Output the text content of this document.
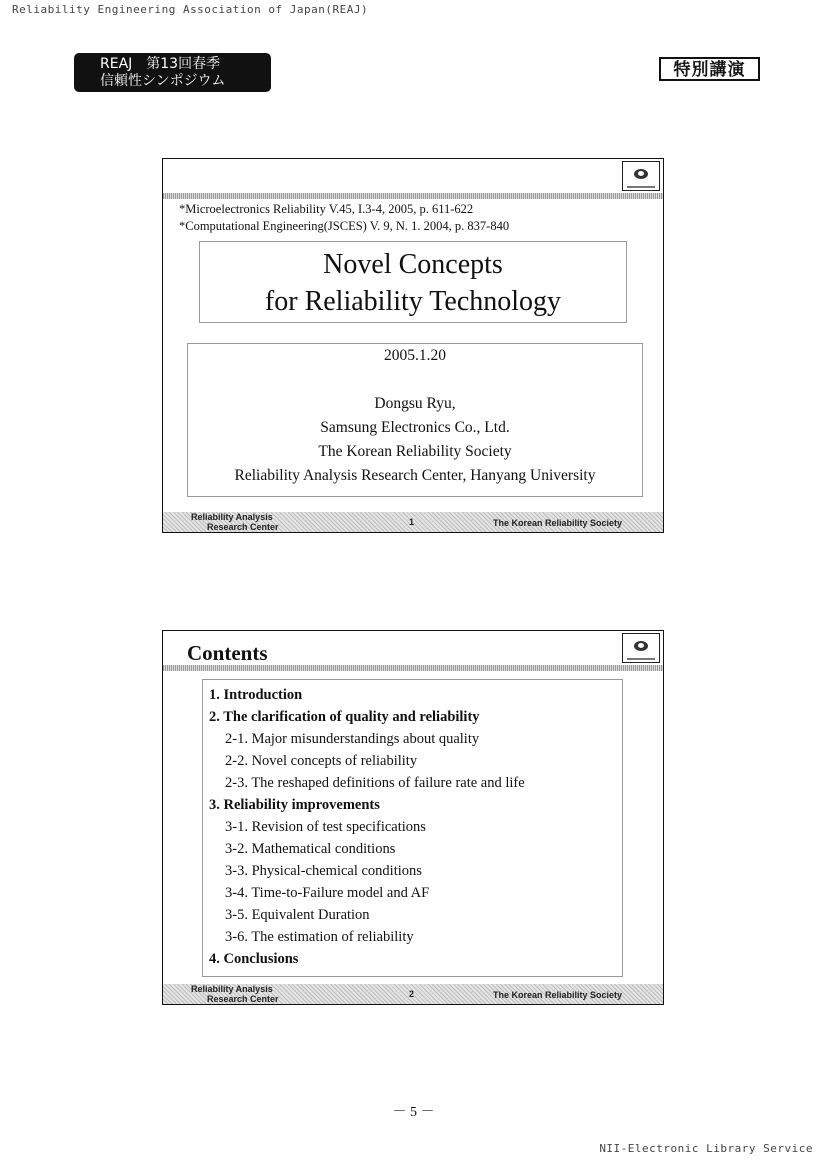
Reliability Engineering Association of Japan(REAJ)
REAJ　第13回春季
信頼性シンポジウム
特別講演
*Microelectronics Reliability V.45, I.3-4, 2005, p. 611-622
*Computational Engineering(JSCES) V. 9, N. 1. 2004, p. 837-840
Novel Concepts
for Reliability Technology
2005.1.20
Dongsu Ryu,
Samsung Electronics Co., Ltd.
The Korean Reliability Society
Reliability Analysis Research Center, Hanyang University
Reliability Analysis
Research Center	1	The Korean Reliability Society
Contents
1. Introduction
2. The clarification of quality and reliability
2-1. Major misunderstandings about quality
2-2. Novel concepts of reliability
2-3. The reshaped definitions of failure rate and life
3. Reliability improvements
3-1. Revision of test specifications
3-2. Mathematical conditions
3-3. Physical-chemical conditions
3-4. Time-to-Failure model and AF
3-5. Equivalent Duration
3-6. The estimation of reliability
4. Conclusions
Reliability Analysis
Research Center	2	The Korean Reliability Society
－ 5 －
NII-Electronic Library Service
